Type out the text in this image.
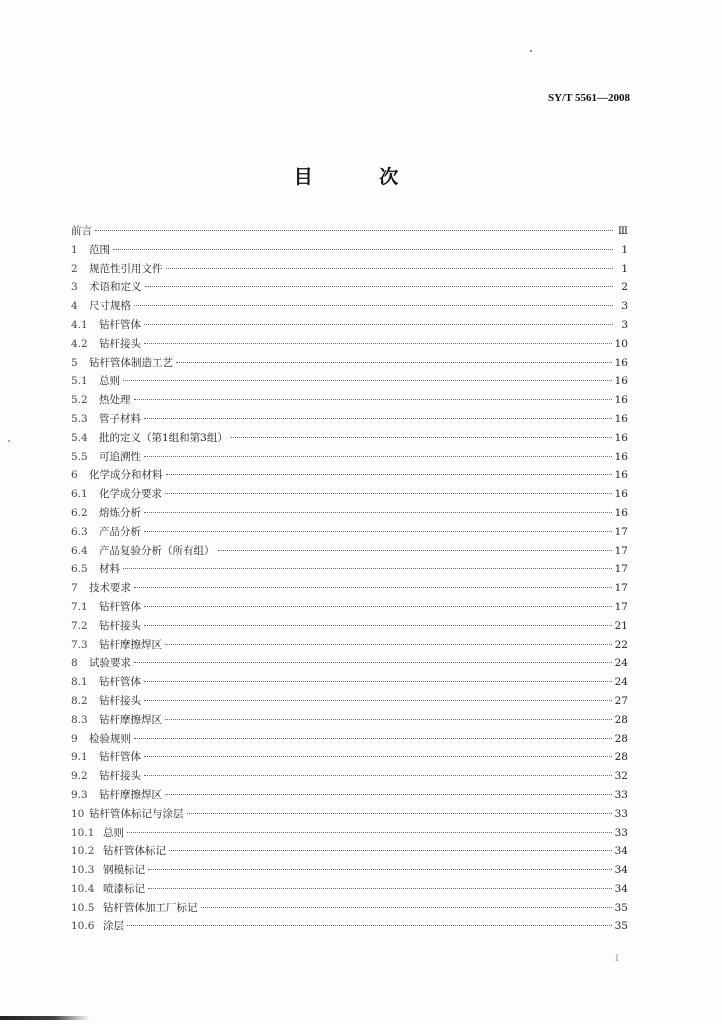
SY/T 5561—2008
目 次
前言	Ⅲ
1	范围	1
2	规范性引用文件	1
3	术语和定义	2
4	尺寸规格	3
4.1	钻杆管体	3
4.2	钻杆接头	10
5	钻杆管体制造工艺	16
5.1	总则	16
5.2	热处理	16
5.3	管子材料	16
5.4	批的定义（第1组和第3组）	16
5.5	可追溯性	16
6	化学成分和材料	16
6.1	化学成分要求	16
6.2	熔炼分析	16
6.3	产品分析	17
6.4	产品复验分析（所有组）	17
6.5	材料	17
7	技术要求	17
7.1	钻杆管体	17
7.2	钻杆接头	21
7.3	钻杆摩擦焊区	22
8	试验要求	24
8.1	钻杆管体	24
8.2	钻杆接头	27
8.3	钻杆摩擦焊区	28
9	检验规则	28
9.1	钻杆管体	28
9.2	钻杆接头	32
9.3	钻杆摩擦焊区	33
10 钻杆管体标记与涂层	33
10.1 总则	33
10.2 钻杆管体标记	34
10.3 钢模标记	34
10.4 喷漆标记	34
10.5 钻杆管体加工厂标记	35
10.6 涂层	35
1
